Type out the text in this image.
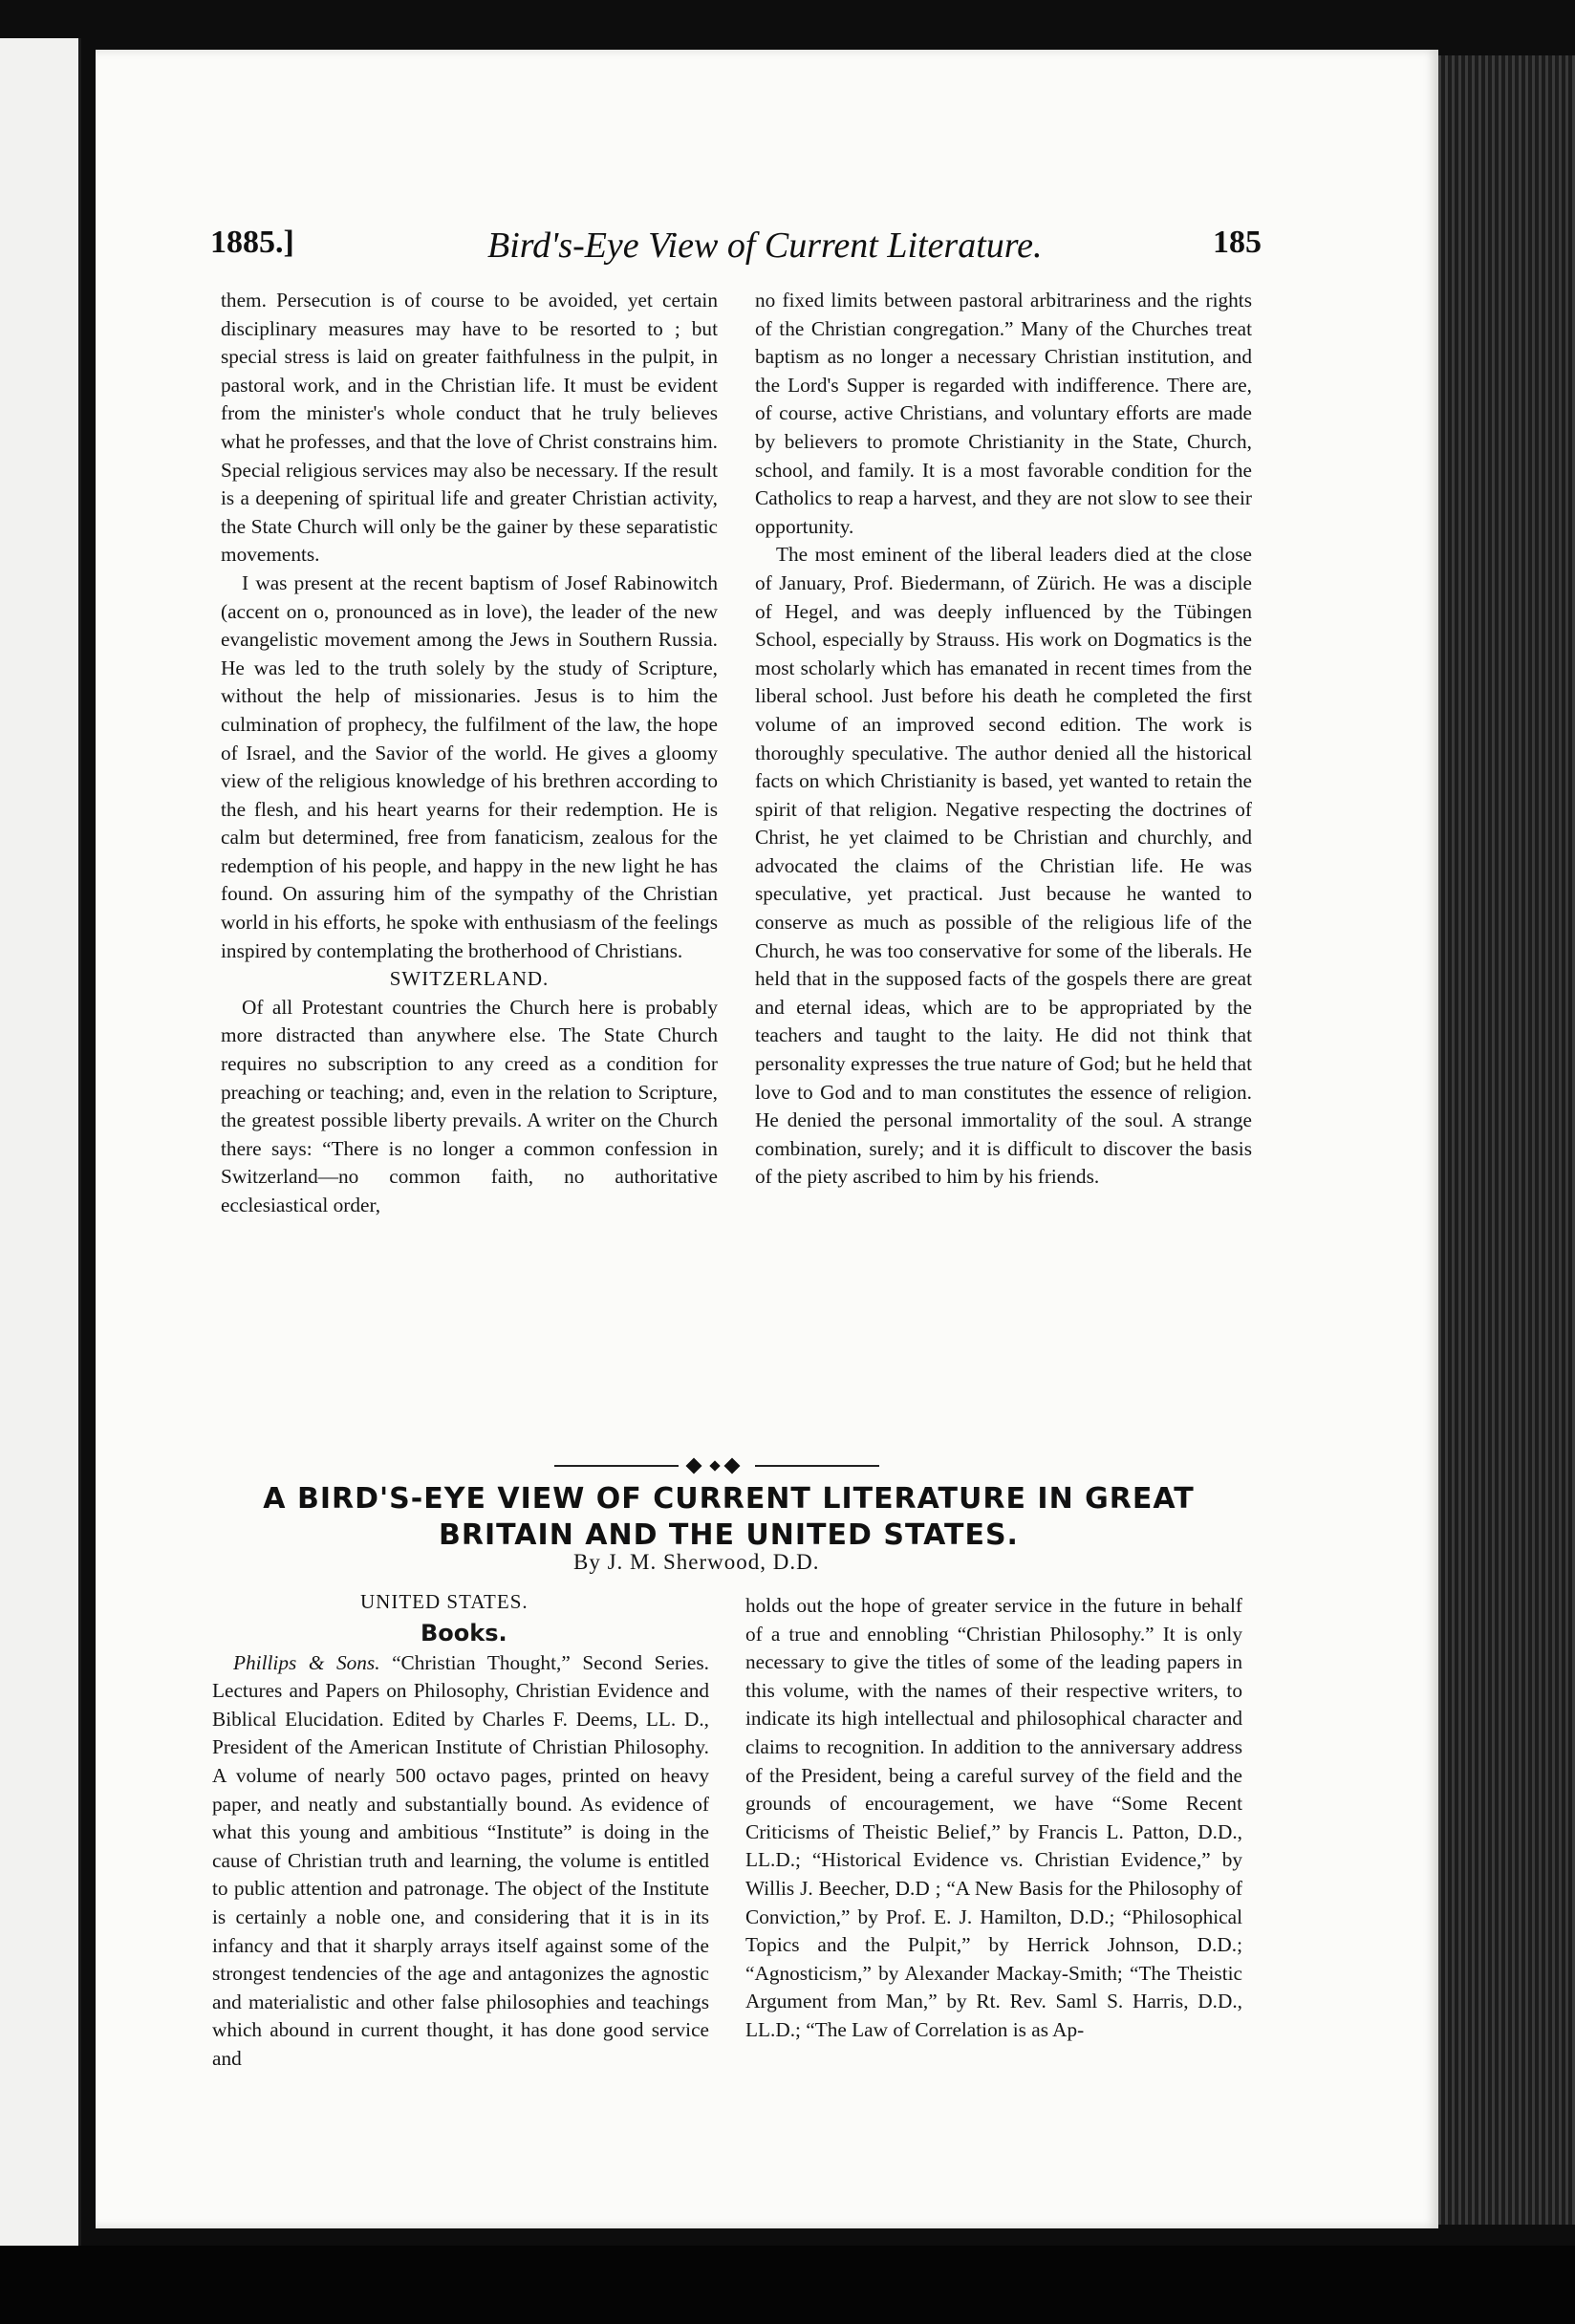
1885.]	Bird's-Eye View of Current Literature.	185

them. Persecution is of course to be avoided, yet certain disciplinary measures may have to be resorted to ; but special stress is laid on greater faithfulness in the pulpit, in pastoral work, and in the Christian life. It must be evident from the minister's whole conduct that he truly believes what he professes, and that the love of Christ constrains him. Special religious services may also be necessary. If the result is a deepening of spiritual life and greater Christian activity, the State Church will only be the gainer by these separatistic movements.

I was present at the recent baptism of Josef Rabinowitch (accent on o, pronounced as in love), the leader of the new evangelistic movement among the Jews in Southern Russia. He was led to the truth solely by the study of Scripture, without the help of missionaries. Jesus is to him the culmination of prophecy, the fulfilment of the law, the hope of Israel, and the Savior of the world. He gives a gloomy view of the religious knowledge of his brethren according to the flesh, and his heart yearns for their redemption. He is calm but determined, free from fanaticism, zealous for the redemption of his people, and happy in the new light he has found. On assuring him of the sympathy of the Christian world in his efforts, he spoke with enthusiasm of the feelings inspired by contemplating the brotherhood of Christians.

SWITZERLAND.

Of all Protestant countries the Church here is probably more distracted than anywhere else. The State Church requires no subscription to any creed as a condition for preaching or teaching; and, even in the relation to Scripture, the greatest possible liberty prevails. A writer on the Church there says: “There is no longer a common confession in Switzerland—no common faith, no authoritative ecclesiastical order,

no fixed limits between pastoral arbitrariness and the rights of the Christian congregation.” Many of the Churches treat baptism as no longer a necessary Christian institution, and the Lord's Supper is regarded with indifference. There are, of course, active Christians, and voluntary efforts are made by believers to promote Christianity in the State, Church, school, and family. It is a most favorable condition for the Catholics to reap a harvest, and they are not slow to see their opportunity.

The most eminent of the liberal leaders died at the close of January, Prof. Biedermann, of Zürich. He was a disciple of Hegel, and was deeply influenced by the Tübingen School, especially by Strauss. His work on Dogmatics is the most scholarly which has emanated in recent times from the liberal school. Just before his death he completed the first volume of an improved second edition. The work is thoroughly speculative. The author denied all the historical facts on which Christianity is based, yet wanted to retain the spirit of that religion. Negative respecting the doctrines of Christ, he yet claimed to be Christian and churchly, and advocated the claims of the Christian life. He was speculative, yet practical. Just because he wanted to conserve as much as possible of the religious life of the Church, he was too conservative for some of the liberals. He held that in the supposed facts of the gospels there are great and eternal ideas, which are to be appropriated by the teachers and taught to the laity. He did not think that personality expresses the true nature of God; but he held that love to God and to man constitutes the essence of religion. He denied the personal immortality of the soul. A strange combination, surely; and it is difficult to discover the basis of the piety ascribed to him by his friends.

A BIRD'S-EYE VIEW OF CURRENT LITERATURE IN GREAT BRITAIN AND THE UNITED STATES.
By J. M. Sherwood, D.D.

UNITED STATES.

Books.

Phillips & Sons. “Christian Thought,” Second Series. Lectures and Papers on Philosophy, Christian Evidence and Biblical Elucidation. Edited by Charles F. Deems, LL. D., President of the American Institute of Christian Philosophy. A volume of nearly 500 octavo pages, printed on heavy paper, and neatly and substantially bound. As evidence of what this young and ambitious “Institute” is doing in the cause of Christian truth and learning, the volume is entitled to public attention and patronage. The object of the Institute is certainly a noble one, and considering that it is in its infancy and that it sharply arrays itself against some of the strongest tendencies of the age and antagonizes the agnostic and materialistic and other false philosophies and teachings which abound in current thought, it has done good service and

holds out the hope of greater service in the future in behalf of a true and ennobling “Christian Philosophy.” It is only necessary to give the titles of some of the leading papers in this volume, with the names of their respective writers, to indicate its high intellectual and philosophical character and claims to recognition. In addition to the anniversary address of the President, being a careful survey of the field and the grounds of encouragement, we have “Some Recent Criticisms of Theistic Belief,” by Francis L. Patton, D.D., LL.D.; “Historical Evidence vs. Christian Evidence,” by Willis J. Beecher, D.D ; “A New Basis for the Philosophy of Conviction,” by Prof. E. J. Hamilton, D.D.; “Philosophical Topics and the Pulpit,” by Herrick Johnson, D.D.; “Agnosticism,” by Alexander Mackay-Smith; “The Theistic Argument from Man,” by Rt. Rev. Saml S. Harris, D.D., LL.D.; “The Law of Correlation is as Ap-
